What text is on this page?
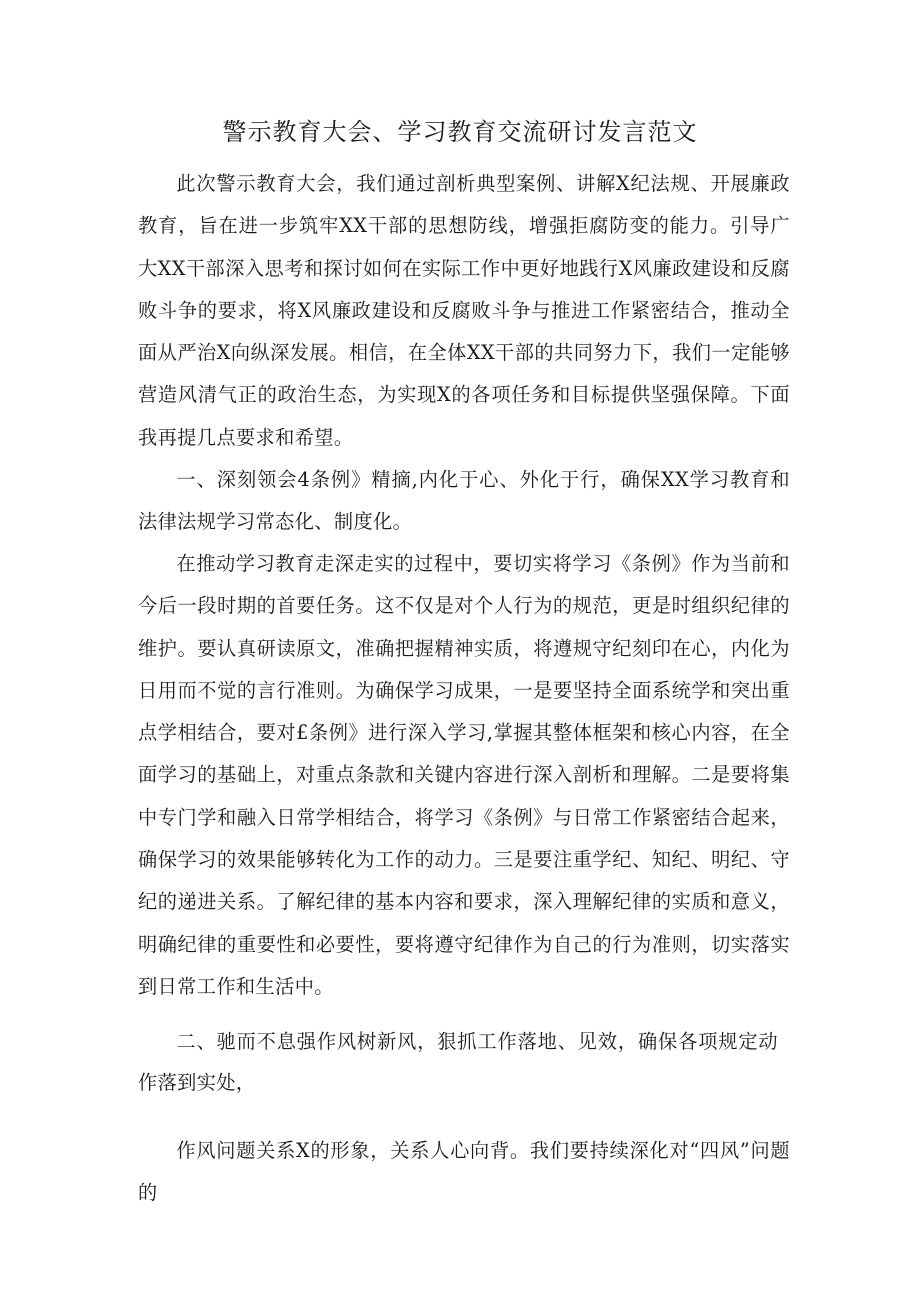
警示教育大会、学习教育交流研讨发言范文

此次警示教育大会，我们通过剖析典型案例、讲解X纪法规、开展廉政教育，旨在进一步筑牢XX干部的思想防线，增强拒腐防变的能力。引导广大XX干部深入思考和探讨如何在实际工作中更好地践行X风廉政建设和反腐败斗争的要求，将X风廉政建设和反腐败斗争与推进工作紧密结合，推动全面从严治X向纵深发展。相信，在全体XX干部的共同努力下，我们一定能够营造风清气正的政治生态，为实现X的各项任务和目标提供坚强保障。下面我再提几点要求和希望。

一、深刻领会4条例》精摘,内化于心、外化于行，确保XX学习教育和法律法规学习常态化、制度化。

在推动学习教育走深走实的过程中，要切实将学习《条例》作为当前和今后一段时期的首要任务。这不仅是对个人行为的规范，更是时组织纪律的维护。要认真研读原文，准确把握精神实质，将遵规守纪刻印在心，内化为日用而不觉的言行准则。为确保学习成果，一是要坚持全面系统学和突出重点学相结合，要对£条例》进行深入学习,掌握其整体框架和核心内容，在全面学习的基础上，对重点条款和关键内容进行深入剖析和理解。二是要将集中专门学和融入日常学相结合，将学习《条例》与日常工作紧密结合起来，确保学习的效果能够转化为工作的动力。三是要注重学纪、知纪、明纪、守纪的递进关系。了解纪律的基本内容和要求，深入理解纪律的实质和意义，明确纪律的重要性和必要性，要将遵守纪律作为自己的行为准则，切实落实到日常工作和生活中。

二、驰而不息强作风树新风，狠抓工作落地、见效，确保各项规定动作落到实处，

作风问题关系X的形象，关系人心向背。我们要持续深化对“四风”问题的
